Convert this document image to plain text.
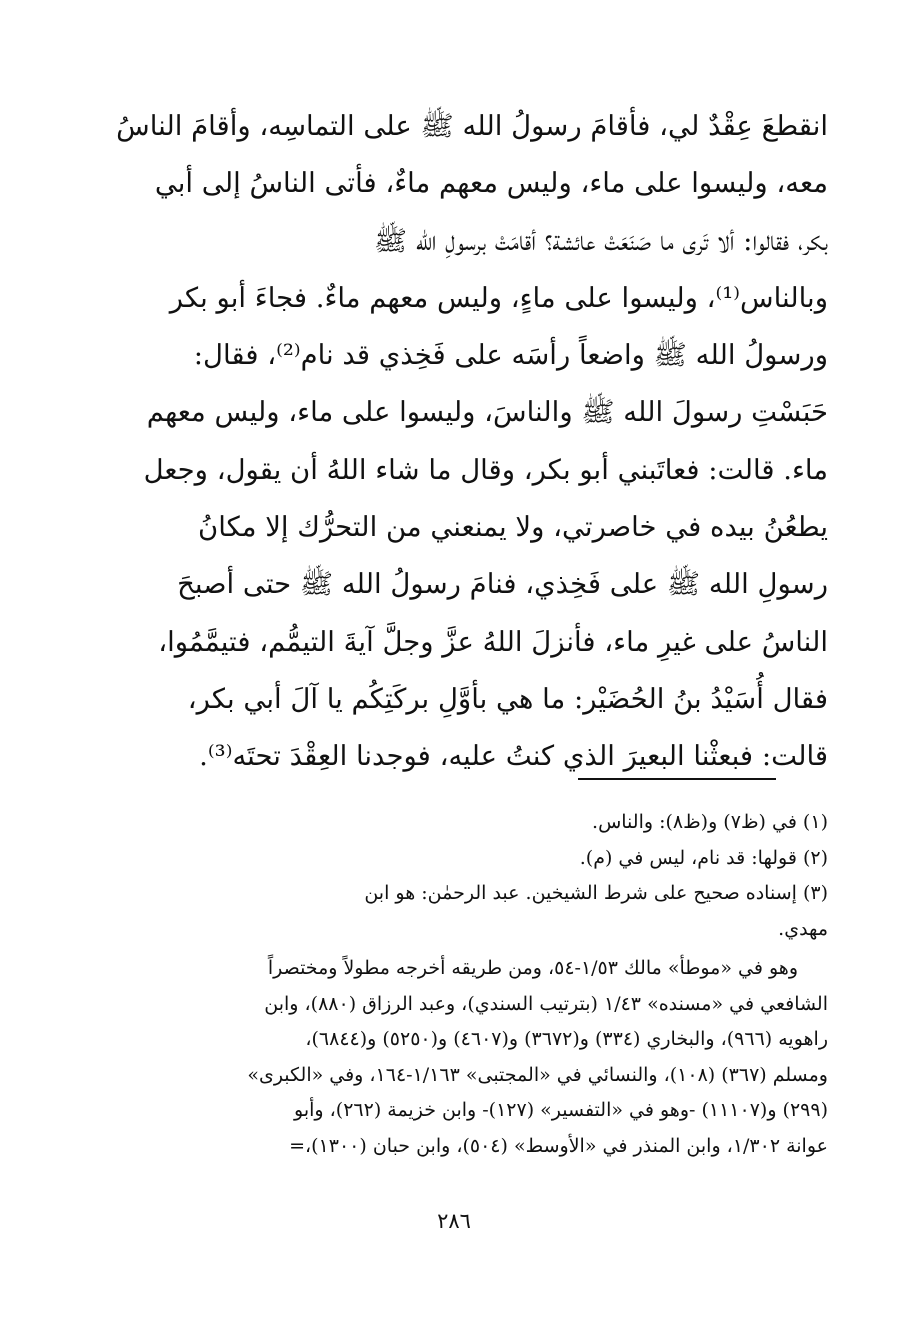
انقطعَ عِقْدٌ لي، فأقامَ رسولُ الله ﷺ على التماسِه، وأقامَ الناسُ
معه، وليسوا على ماء، وليس معهم ماءٌ، فأتى الناسُ إلى أبي
بكر، فقالوا: ألا تَرى ما صَنَعَتْ عائشة؟ أقامَتْ برسولِ الله ﷺ
وبالناس⁽¹⁾، وليسوا على ماءٍ، وليس معهم ماءٌ. فجاءَ أبو بكر
ورسولُ الله ﷺ واضعاً رأسَه على فَخِذي قد نام⁽²⁾، فقال:
حَبَسْتِ رسولَ الله ﷺ والناسَ، وليسوا على ماء، وليس معهم
ماء. قالت: فعاتَبني أبو بكر، وقال ما شاء اللهُ أن يقول، وجعل
يطعُنُ بيده في خاصرتي، ولا يمنعني من التحرُّك إلا مكانُ
رسولِ الله ﷺ على فَخِذي، فنامَ رسولُ الله ﷺ حتى أصبحَ
الناسُ على غيرِ ماء، فأنزلَ اللهُ عزَّ وجلَّ آيةَ التيمُّم، فتيمَّمُوا،
فقال أُسَيْدُ بنُ الحُضَيْر: ما هي بأوَّلِ بركَتِكُم يا آلَ أبي بكر،
قالت: فبعثْنا البعيرَ الذي كنتُ عليه، فوجدنا العِقْدَ تحتَه⁽³⁾.
(١) في (ظ٧) و(ظ٨): والناس.
(٢) قولها: قد نام، ليس في (م).
(٣) إسناده صحيح على شرط الشيخين. عبد الرحمٰن: هو ابن
مهدي.
وهو في «موطأ» مالك ١/٥٣-٥٤، ومن طريقه أخرجه مطولاً ومختصراً
الشافعي في «مسنده» ١/٤٣ (بترتيب السندي)، وعبد الرزاق (٨٨٠)، وابن
راهويه (٩٦٦)، والبخاري (٣٣٤) و(٣٦٧٢) و(٤٦٠٧) و(٥٢٥٠) و(٦٨٤٤)،
ومسلم (٣٦٧) (١٠٨)، والنسائي في «المجتبى» ١/١٦٣-١٦٤، وفي «الكبرى»
(٢٩٩) و(١١١٠٧) -وهو في «التفسير» (١٢٧)- وابن خزيمة (٢٦٢)، وأبو
عوانة ١/٣٠٢، وابن المنذر في «الأوسط» (٥٠٤)، وابن حبان (١٣٠٠)،=
٢٨٦
